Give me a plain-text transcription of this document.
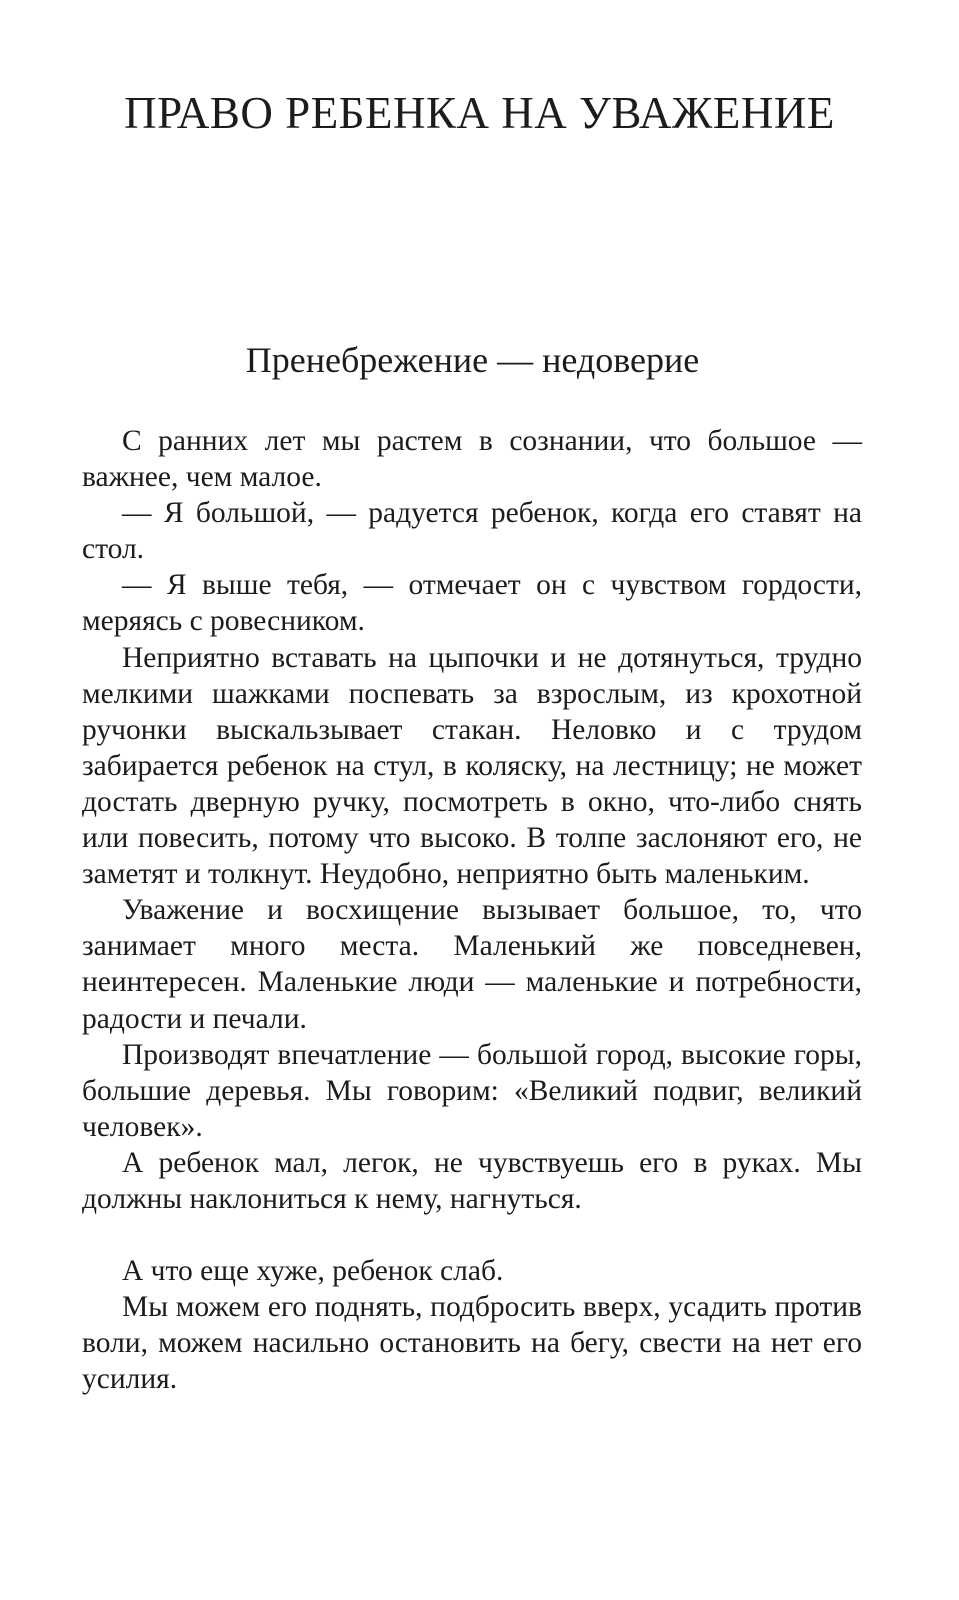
ПРАВО РЕБЕНКА НА УВАЖЕНИЕ
Пренебрежение — недоверие

С ранних лет мы растем в сознании, что большое — важнее, чем малое.

— Я большой, — радуется ребенок, когда его ставят на стол.

— Я выше тебя, — отмечает он с чувством гордости, меряясь с ровесником.

Неприятно вставать на цыпочки и не дотянуться, трудно мелкими шажками поспевать за взрослым, из крохотной ручонки выскальзывает стакан. Неловко и с трудом забирается ребенок на стул, в коляску, на лестницу; не может достать дверную ручку, посмотреть в окно, что-либо снять или повесить, потому что высоко. В толпе заслоняют его, не заметят и толкнут. Неудобно, неприятно быть маленьким.

Уважение и восхищение вызывает большое, то, что занимает много места. Маленький же повседневен, неинтересен. Маленькие люди — маленькие и потребности, радости и печали.

Производят впечатление — большой город, высокие горы, большие деревья. Мы говорим: «Великий подвиг, великий человек».

А ребенок мал, легок, не чувствуешь его в руках. Мы должны наклониться к нему, нагнуться.

А что еще хуже, ребенок слаб.

Мы можем его поднять, подбросить вверх, усадить против воли, можем насильно остановить на бегу, свести на нет его усилия.
